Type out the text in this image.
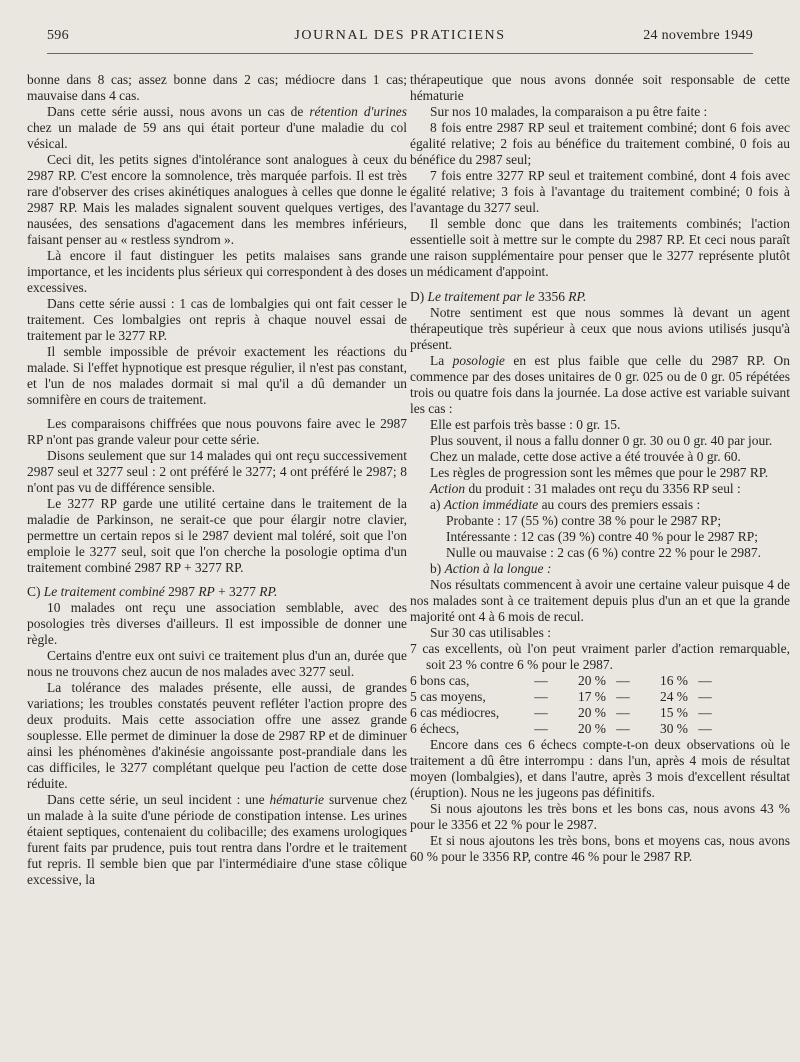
596	JOURNAL DES PRATICIENS	24 novembre 1949

bonne dans 8 cas; assez bonne dans 2 cas; médiocre dans 1 cas; mauvaise dans 4 cas.

Dans cette série aussi, nous avons un cas de rétention d'urines chez un malade de 59 ans qui était porteur d'une maladie du col vésical.

Ceci dit, les petits signes d'intolérance sont analogues à ceux du 2987 RP. C'est encore la somnolence, très marquée parfois. Il est très rare d'observer des crises akinétiques analogues à celles que donne le 2987 RP. Mais les malades signalent souvent quelques vertiges, des nausées, des sensations d'agacement dans les membres inférieurs, faisant penser au « restless syndrom ».

Là encore il faut distinguer les petits malaises sans grande importance, et les incidents plus sérieux qui correspondent à des doses excessives.

Dans cette série aussi : 1 cas de lombalgies qui ont fait cesser le traitement. Ces lombalgies ont repris à chaque nouvel essai de traitement par le 3277 RP.

Il semble impossible de prévoir exactement les réactions du malade. Si l'effet hypnotique est presque régulier, il n'est pas constant, et l'un de nos malades dormait si mal qu'il a dû demander un somnifère en cours de traitement.

Les comparaisons chiffrées que nous pouvons faire avec le 2987 RP n'ont pas grande valeur pour cette série.

Disons seulement que sur 14 malades qui ont reçu successivement 2987 seul et 3277 seul : 2 ont préféré le 3277; 4 ont préféré le 2987; 8 n'ont pas vu de différence sensible.

Le 3277 RP garde une utilité certaine dans le traitement de la maladie de Parkinson, ne serait-ce que pour élargir notre clavier, permettre un certain repos si le 2987 devient mal toléré, soit que l'on emploie le 3277 seul, soit que l'on cherche la posologie optima d'un traitement combiné 2987 RP + 3277 RP.

C) Le traitement combiné 2987 RP + 3277 RP.

10 malades ont reçu une association semblable, avec des posologies très diverses d'ailleurs. Il est impossible de donner une règle.

Certains d'entre eux ont suivi ce traitement plus d'un an, durée que nous ne trouvons chez aucun de nos malades avec 3277 seul.

La tolérance des malades présente, elle aussi, de grandes variations; les troubles constatés peuvent refléter l'action propre des deux produits. Mais cette association offre une assez grande souplesse. Elle permet de diminuer la dose de 2987 RP et de diminuer ainsi les phénomènes d'akinésie angoissante post-prandiale dans les cas difficiles, le 3277 complétant quelque peu l'action de cette dose réduite.

Dans cette série, un seul incident : une hématurie survenue chez un malade à la suite d'une période de constipation intense. Les urines étaient septiques, contenaient du colibacille; des examens urologiques furent faits par prudence, puis tout rentra dans l'ordre et le traitement fut repris. Il semble bien que par l'intermédiaire d'une stase côlique excessive, la

thérapeutique que nous avons donnée soit responsable de cette hématurie

Sur nos 10 malades, la comparaison a pu être faite :

8 fois entre 2987 RP seul et traitement combiné; dont 6 fois avec égalité relative; 2 fois au bénéfice du traitement combiné, 0 fois au bénéfice du 2987 seul;

7 fois entre 3277 RP seul et traitement combiné, dont 4 fois avec égalité relative; 3 fois à l'avantage du traitement combiné; 0 fois à l'avantage du 3277 seul.

Il semble donc que dans les traitements combinés; l'action essentielle soit à mettre sur le compte du 2987 RP. Et ceci nous paraît une raison supplémentaire pour penser que le 3277 représente plutôt un médicament d'appoint.

D) Le traitement par le 3356 RP.

Notre sentiment est que nous sommes là devant un agent thérapeutique très supérieur à ceux que nous avions utilisés jusqu'à présent.

La posologie en est plus faible que celle du 2987 RP. On commence par des doses unitaires de 0 gr. 025 ou de 0 gr. 05 répétées trois ou quatre fois dans la journée. La dose active est variable suivant les cas :

Elle est parfois très basse : 0 gr. 15.

Plus souvent, il nous a fallu donner 0 gr. 30 ou 0 gr. 40 par jour.

Chez un malade, cette dose active a été trouvée à 0 gr. 60.

Les règles de progression sont les mêmes que pour le 2987 RP.

Action du produit : 31 malades ont reçu du 3356 RP seul :

a) Action immédiate au cours des premiers essais :

Probante : 17 (55 %) contre 38 % pour le 2987 RP;

Intéressante : 12 cas (39 %) contre 40 % pour le 2987 RP;

Nulle ou mauvaise : 2 cas (6 %) contre 22 % pour le 2987.

b) Action à la longue :

Nos résultats commencent à avoir une certaine valeur puisque 4 de nos malades sont à ce traitement depuis plus d'un an et que la grande majorité ont 4 à 6 mois de recul.

Sur 30 cas utilisables :

7 cas excellents, où l'on peut vraiment parler d'action remarquable, soit 23 % contre 6 % pour le 2987.

6 bons cas,	—	20 %	—	16 %	—
5 cas moyens,	—	17 %	—	24 %	—
6 cas médiocres,	—	20 %	—	15 %	—
6 échecs,	—	20 %	—	30 %	—

Encore dans ces 6 échecs compte-t-on deux observations où le traitement a dû être interrompu : dans l'un, après 4 mois de résultat moyen (lombalgies), et dans l'autre, après 3 mois d'excellent résultat (éruption). Nous ne les jugeons pas définitifs.

Si nous ajoutons les très bons et les bons cas, nous avons 43 % pour le 3356 et 22 % pour le 2987.

Et si nous ajoutons les très bons, bons et moyens cas, nous avons 60 % pour le 3356 RP, contre 46 % pour le 2987 RP.
